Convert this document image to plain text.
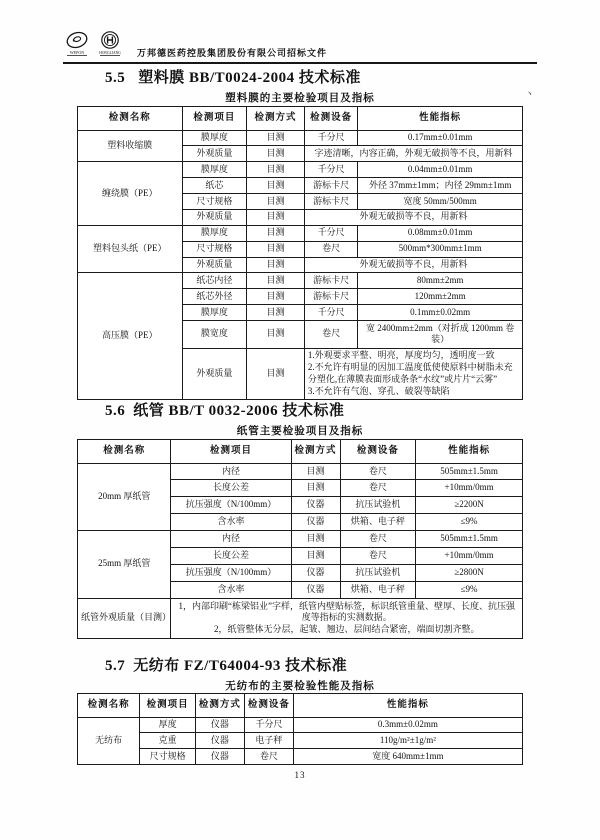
WEPON	HONGLIANG 万邦德医药控股集团股份有限公司招标文件
丶
5.5 塑料膜 BB/T0024-2004 技术标准
塑料膜的主要检验项目及指标
检测名称	检测项目	检测方式	检测设备	性能指标
塑料收缩膜	膜厚度	目测	千分尺	0.17mm±0.01mm
	外观质量	目测	字迹清晰，内容正确，外观无破损等不良，用新料	
缠绕膜（PE）	膜厚度	目测	千分尺	0.04mm±0.01mm
	纸芯	目测	游标卡尺	外径 37mm±1mm；内径 29mm±1mm
	尺寸规格	目测	游标卡尺	宽度 50mm/500mm
	外观质量	目测	外观无破损等不良，用新料	
塑料包头纸（PE）	膜厚度	目测	千分尺	0.08mm±0.01mm
	尺寸规格	目测	卷尺	500mm*300mm±1mm
	外观质量	目测	外观无破损等不良，用新料	
高压膜（PE）	纸芯内径	目测	游标卡尺	80mm±2mm
	纸芯外径	目测	游标卡尺	120mm±2mm
	膜厚度	目测	千分尺	0.1mm±0.02mm
	膜宽度	目测	卷尺	宽 2400mm±2mm（对折成 1200mm 卷装）
	外观质量	目测	1.外观要求平整、明亮，厚度均匀，透明度一致
2.不允许有明显的因加工温度低使使原料中树脂未充分塑化,在薄膜表面形成条条“水纹”或片片“云雾”
3.不允许有气泡、穿孔、破裂等缺陷	
5.6 纸管 BB/T 0032-2006 技术标准
纸管主要检验项目及指标
检测名称	检测项目	检测方式	检测设备	性能指标
20mm 厚纸管	内径	目测	卷尺	505mm±1.5mm
	长度公差	目测	卷尺	+10mm/0mm
	抗压强度（N/100mm）	仪器	抗压试验机	≥2200N
	含水率	仪器	烘箱、电子秤	≤9%
25mm 厚纸管	内径	目测	卷尺	505mm±1.5mm
	长度公差	目测	卷尺	+10mm/0mm
	抗压强度（N/100mm）	仪器	抗压试验机	≥2800N
	含水率	仪器	烘箱、电子秤	≤9%
纸管外观质量（目测）	1，内部印刷“栋梁铝业”字样，纸管内壁贴标签，标识纸管重量、壁厚、长度、抗压强度等指标的实测数据。
2，纸管整体无分层，起皱、翘边、层间结合紧密，端面切割齐整。			
5.7 无纺布 FZ/T64004-93 技术标准
无纺布的主要检验性能及指标
检测名称	检测项目	检测方式	检测设备	性能指标
无纺布	厚度	仪器	千分尺	0.3mm±0.02mm
	克重	仪器	电子秤	110g/m²±1g/m²
	尺寸规格	仪器	卷尺	宽度 640mm±1mm
13
